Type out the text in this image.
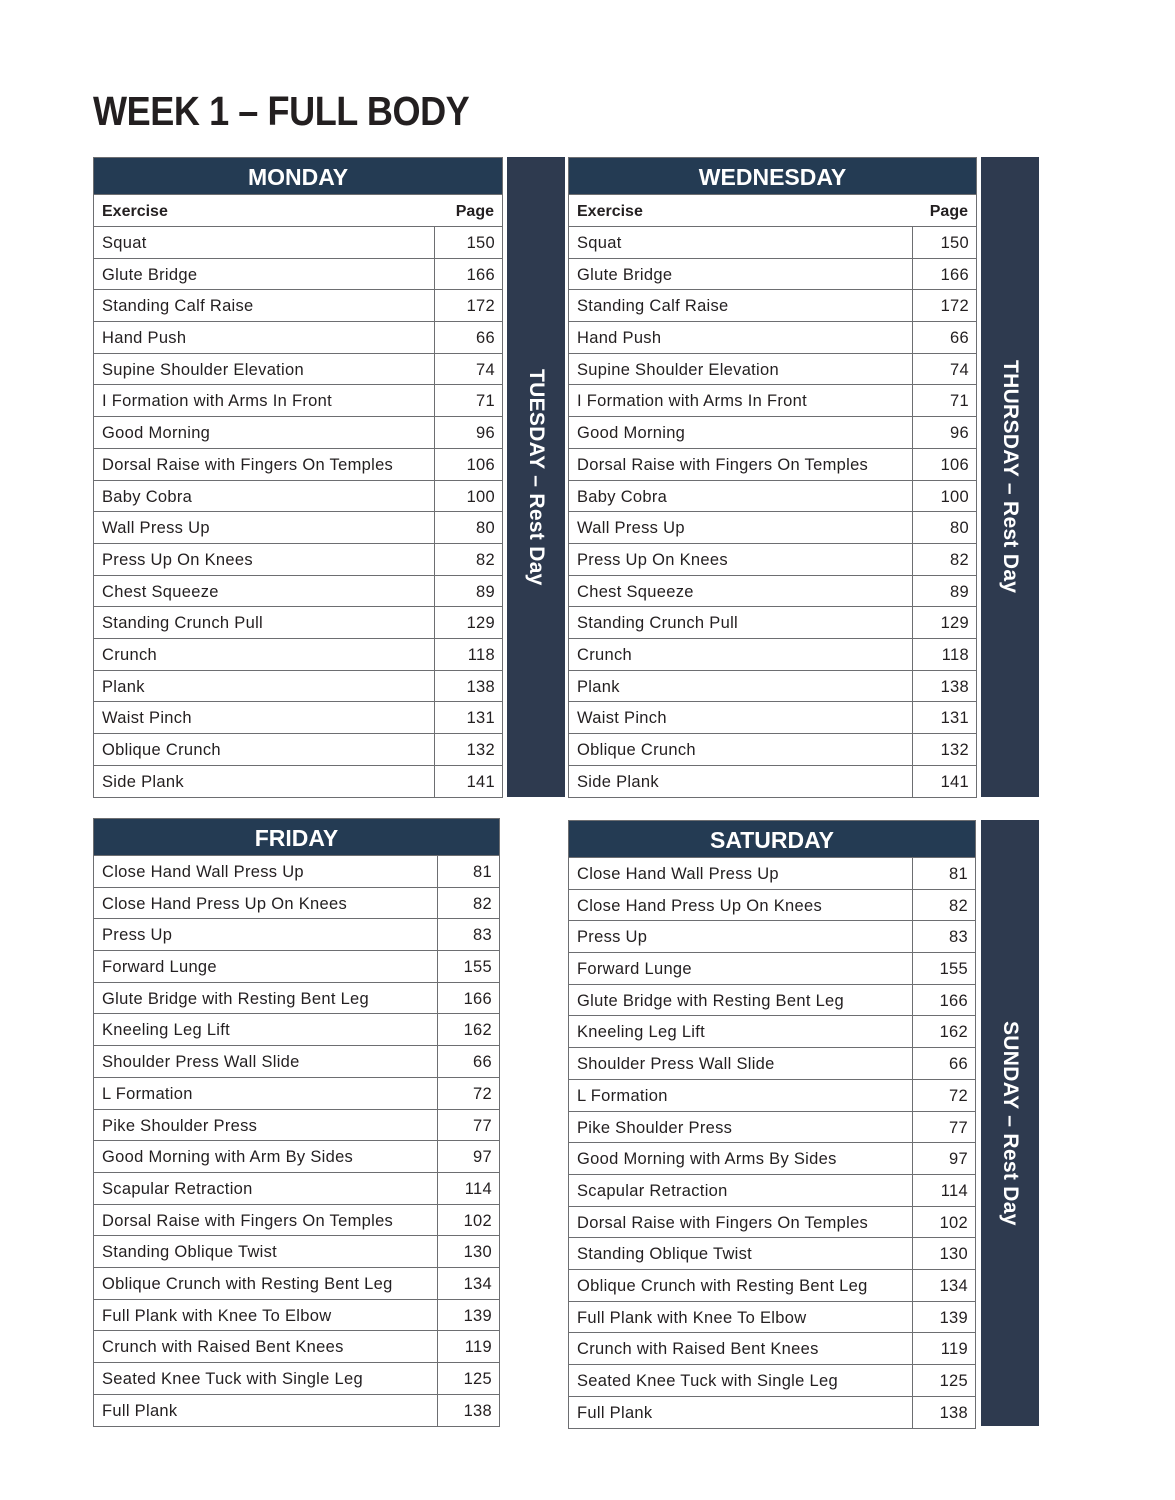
WEEK 1 – FULL BODY
MONDAY
Exercise	Page
Squat	150
Glute Bridge	166
Standing Calf Raise	172
Hand Push	66
Supine Shoulder Elevation	74
I Formation with Arms In Front	71
Good Morning	96
Dorsal Raise with Fingers On Temples	106
Baby Cobra	100
Wall Press Up	80
Press Up On Knees	82
Chest Squeeze	89
Standing Crunch Pull	129
Crunch	118
Plank	138
Waist Pinch	131
Oblique Crunch	132
Side Plank	141
TUESDAY – Rest Day
WEDNESDAY
Exercise	Page
Squat	150
Glute Bridge	166
Standing Calf Raise	172
Hand Push	66
Supine Shoulder Elevation	74
I Formation with Arms In Front	71
Good Morning	96
Dorsal Raise with Fingers On Temples	106
Baby Cobra	100
Wall Press Up	80
Press Up On Knees	82
Chest Squeeze	89
Standing Crunch Pull	129
Crunch	118
Plank	138
Waist Pinch	131
Oblique Crunch	132
Side Plank	141
THURSDAY – Rest Day
FRIDAY
Close Hand Wall Press Up	81
Close Hand Press Up On Knees	82
Press Up	83
Forward Lunge	155
Glute Bridge with Resting Bent Leg	166
Kneeling Leg Lift	162
Shoulder Press Wall Slide	66
L Formation	72
Pike Shoulder Press	77
Good Morning with Arm By Sides	97
Scapular Retraction	114
Dorsal Raise with Fingers On Temples	102
Standing Oblique Twist	130
Oblique Crunch with Resting Bent Leg	134
Full Plank with Knee To Elbow	139
Crunch with Raised Bent Knees	119
Seated Knee Tuck with Single Leg	125
Full Plank	138
SATURDAY
Close Hand Wall Press Up	81
Close Hand Press Up On Knees	82
Press Up	83
Forward Lunge	155
Glute Bridge with Resting Bent Leg	166
Kneeling Leg Lift	162
Shoulder Press Wall Slide	66
L Formation	72
Pike Shoulder Press	77
Good Morning with Arms By Sides	97
Scapular Retraction	114
Dorsal Raise with Fingers On Temples	102
Standing Oblique Twist	130
Oblique Crunch with Resting Bent Leg	134
Full Plank with Knee To Elbow	139
Crunch with Raised Bent Knees	119
Seated Knee Tuck with Single Leg	125
Full Plank	138
SUNDAY – Rest Day
